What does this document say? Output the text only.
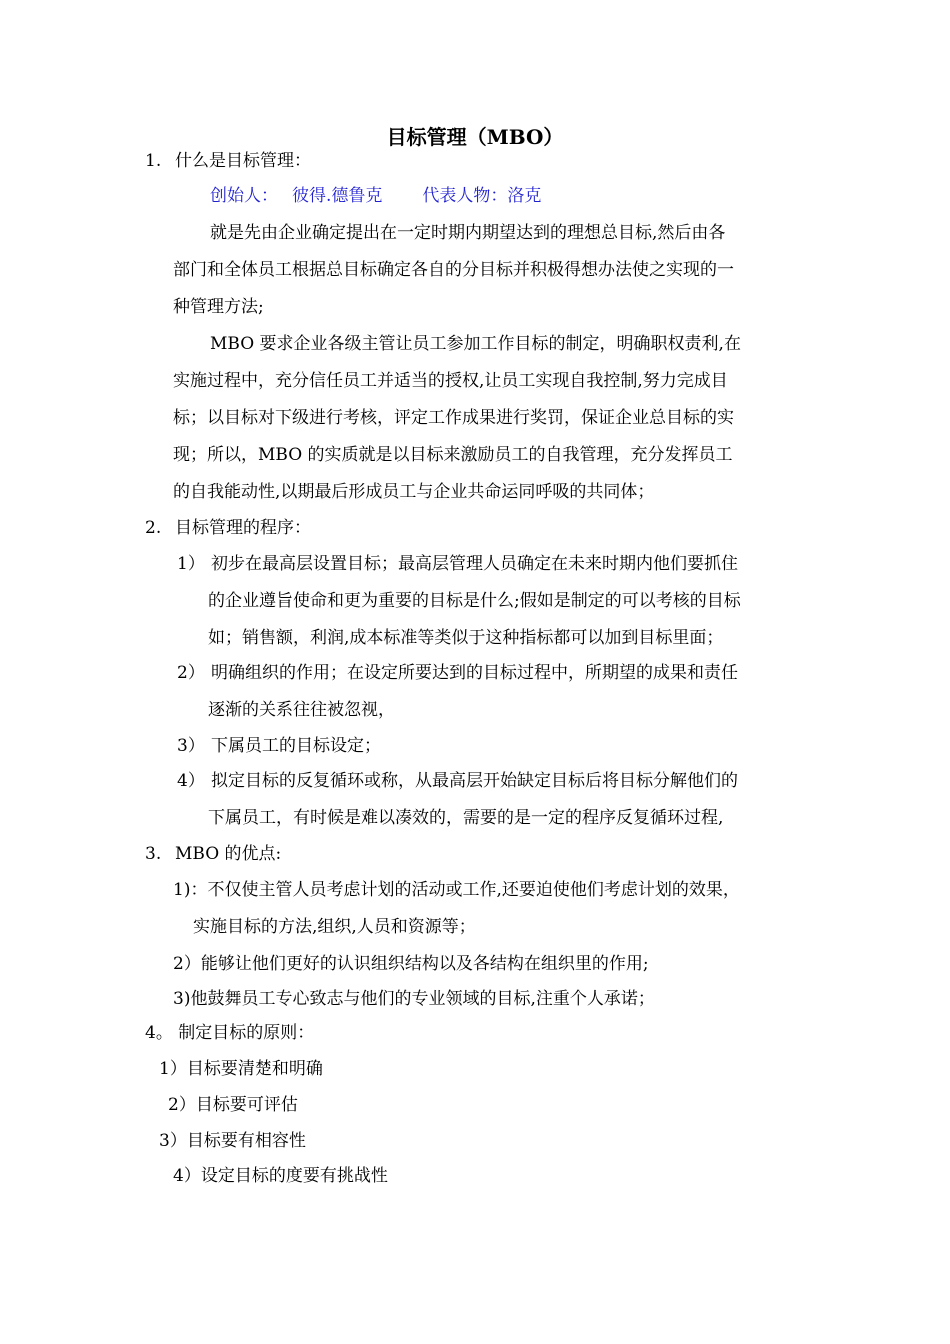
目标管理（MBO）

1. 什么是目标管理：

创始人： 彼得.德鲁克 代表人物：洛克

就是先由企业确定提出在一定时期内期望达到的理想总目标,然后由各

部门和全体员工根据总目标确定各自的分目标并积极得想办法使之实现的一

种管理方法;

MBO 要求企业各级主管让员工参加工作目标的制定，明确职权责利,在

实施过程中，充分信任员工并适当的授权,让员工实现自我控制,努力完成目

标；以目标对下级进行考核，评定工作成果进行奖罚，保证企业总目标的实

现；所以，MBO 的实质就是以目标来激励员工的自我管理，充分发挥员工

的自我能动性,以期最后形成员工与企业共命运同呼吸的共同体；

2. 目标管理的程序：

1） 初步在最高层设置目标；最高层管理人员确定在未来时期内他们要抓住

的企业遵旨使命和更为重要的目标是什么;假如是制定的可以考核的目标

如；销售额，利润,成本标准等类似于这种指标都可以加到目标里面；

2） 明确组织的作用；在设定所要达到的目标过程中，所期望的成果和责任

逐渐的关系往往被忽视，

3） 下属员工的目标设定；

4） 拟定目标的反复循环或称，从最高层开始缺定目标后将目标分解他们的

下属员工，有时候是难以凑效的，需要的是一定的程序反复循环过程,

3. MBO 的优点:

1)：不仅使主管人员考虑计划的活动或工作,还要迫使他们考虑计划的效果，

实施目标的方法,组织,人员和资源等；

2）能够让他们更好的认识组织结构以及各结构在组织里的作用;

3)他鼓舞员工专心致志与他们的专业领域的目标,注重个人承诺；

4。 制定目标的原则：

1）目标要清楚和明确

2）目标要可评估

3）目标要有相容性

4）设定目标的度要有挑战性
